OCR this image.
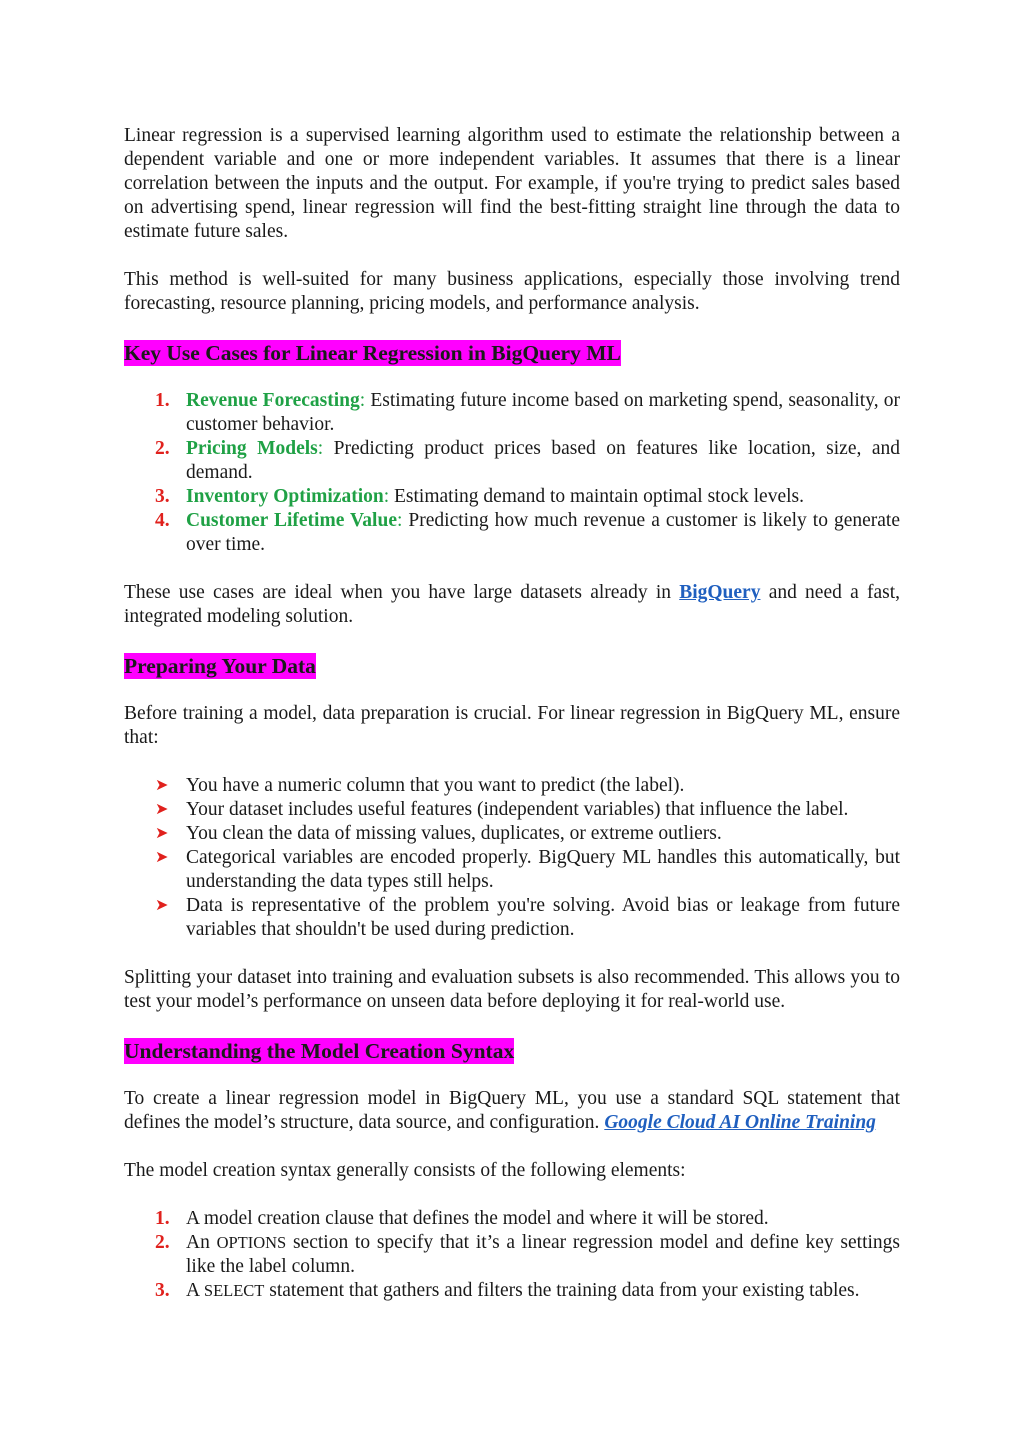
Linear regression is a supervised learning algorithm used to estimate the relationship between a dependent variable and one or more independent variables. It assumes that there is a linear correlation between the inputs and the output. For example, if you're trying to predict sales based on advertising spend, linear regression will find the best-fitting straight line through the data to estimate future sales.

This method is well-suited for many business applications, especially those involving trend forecasting, resource planning, pricing models, and performance analysis.

Key Use Cases for Linear Regression in BigQuery ML
1. Revenue Forecasting: Estimating future income based on marketing spend, seasonality, or customer behavior.
2. Pricing Models: Predicting product prices based on features like location, size, and demand.
3. Inventory Optimization: Estimating demand to maintain optimal stock levels.
4. Customer Lifetime Value: Predicting how much revenue a customer is likely to generate over time.

These use cases are ideal when you have large datasets already in BigQuery and need a fast, integrated modeling solution.

Preparing Your Data

Before training a model, data preparation is crucial. For linear regression in BigQuery ML, ensure that:

➤ You have a numeric column that you want to predict (the label).
➤ Your dataset includes useful features (independent variables) that influence the label.
➤ You clean the data of missing values, duplicates, or extreme outliers.
➤ Categorical variables are encoded properly. BigQuery ML handles this automatically, but understanding the data types still helps.
➤ Data is representative of the problem you're solving. Avoid bias or leakage from future variables that shouldn't be used during prediction.

Splitting your dataset into training and evaluation subsets is also recommended. This allows you to test your model’s performance on unseen data before deploying it for real-world use.

Understanding the Model Creation Syntax

To create a linear regression model in BigQuery ML, you use a standard SQL statement that defines the model’s structure, data source, and configuration. Google Cloud AI Online Training

The model creation syntax generally consists of the following elements:

1. A model creation clause that defines the model and where it will be stored.
2. An OPTIONS section to specify that it’s a linear regression model and define key settings like the label column.
3. A SELECT statement that gathers and filters the training data from your existing tables.
